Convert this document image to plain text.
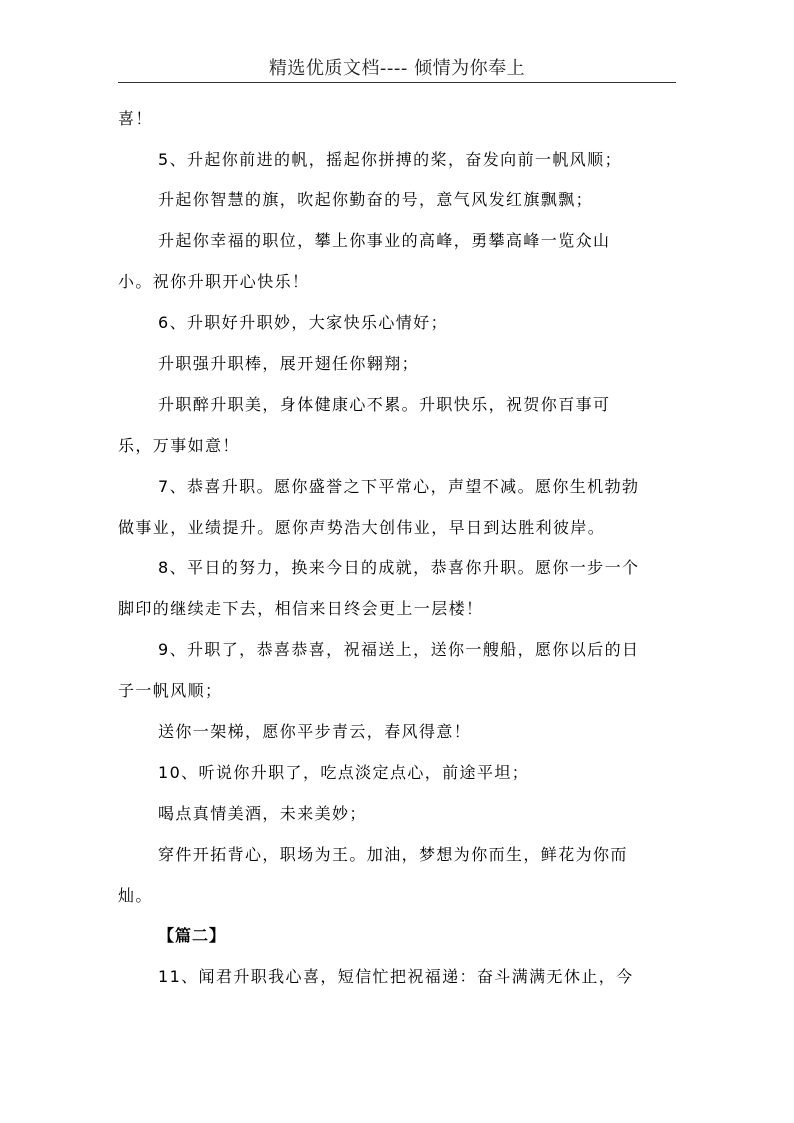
精选优质文档---- 倾情为你奉上
喜！
5、升起你前进的帆，摇起你拼搏的桨，奋发向前一帆风顺；
升起你智慧的旗，吹起你勤奋的号，意气风发红旗飘飘；
升起你幸福的职位，攀上你事业的高峰，勇攀高峰一览众山
小。祝你升职开心快乐！
6、升职好升职妙，大家快乐心情好；
升职强升职棒，展开翅任你翱翔；
升职醉升职美，身体健康心不累。升职快乐，祝贺你百事可
乐，万事如意！
7、恭喜升职。愿你盛誉之下平常心，声望不减。愿你生机勃勃
做事业，业绩提升。愿你声势浩大创伟业，早日到达胜利彼岸。
8、平日的努力，换来今日的成就，恭喜你升职。愿你一步一个
脚印的继续走下去，相信来日终会更上一层楼！
9、升职了，恭喜恭喜，祝福送上，送你一艘船，愿你以后的日
子一帆风顺；
送你一架梯，愿你平步青云，春风得意！
10、听说你升职了，吃点淡定点心，前途平坦；
喝点真情美酒，未来美妙；
穿件开拓背心，职场为王。加油，梦想为你而生，鲜花为你而
灿。
【篇二】
11、闻君升职我心喜，短信忙把祝福递：奋斗满满无休止，今
